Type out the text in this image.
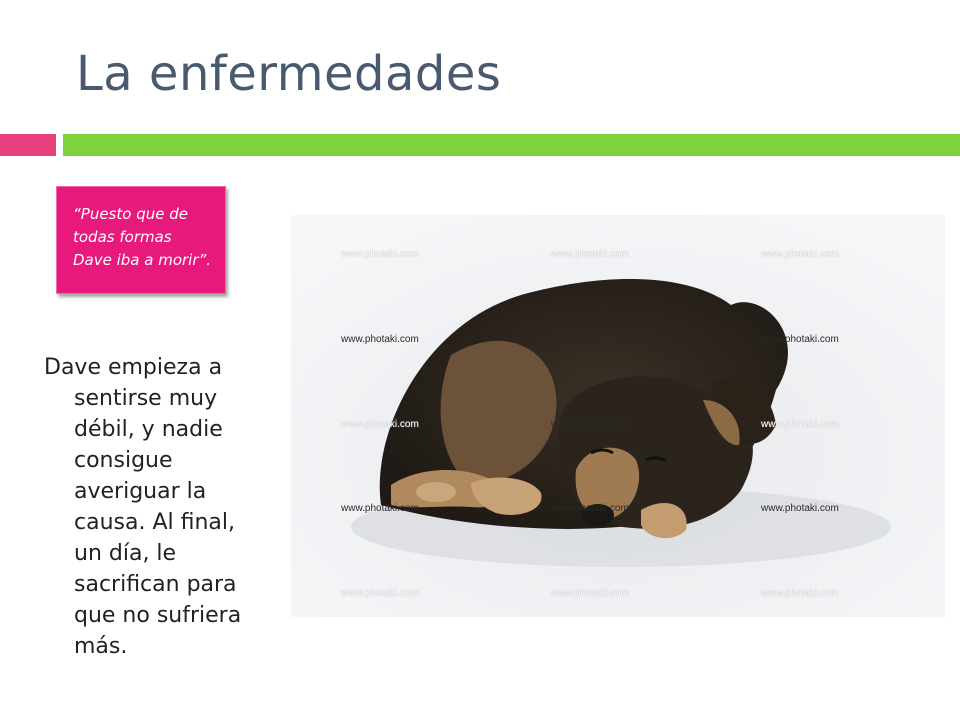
La enfermedades
“Puesto que de todas formas Dave iba a morir”.
Dave empieza a
sentirse muy débil, y nadie consigue averiguar la causa. Al final, un día, le sacrifican para que no sufriera más.
www.photaki.com	www.photaki.com	www.photaki.com
www.photaki.com	www.photaki.com	www.photaki.com
www.photaki.com	www.photaki.com	www.photaki.com
www.photaki.com	www.photaki.com	www.photaki.com
www.photaki.com	www.photaki.com	www.photaki.com
